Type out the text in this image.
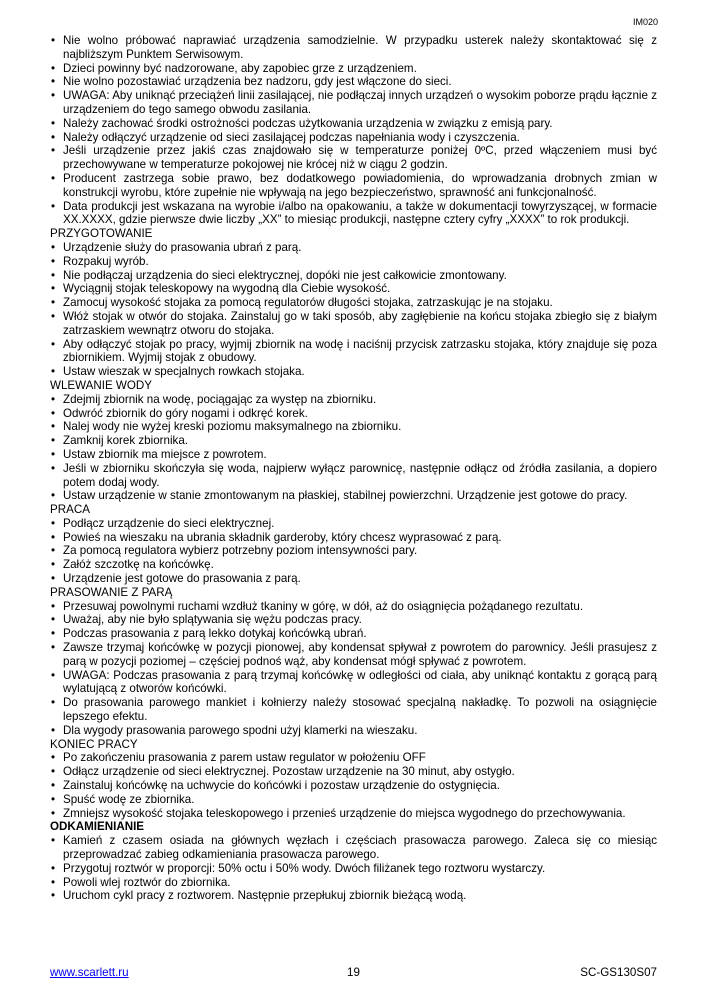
IM020
• Nie wolno próbować naprawiać urządzenia samodzielnie. W przypadku usterek należy skontaktować się z najbliższym Punktem Serwisowym.
• Dzieci powinny być nadzorowane, aby zapobiec grze z urządzeniem.
• Nie wolno pozostawiać urządzenia bez nadzoru, gdy jest włączone do sieci.
• UWAGA: Aby uniknąć przeciążeń linii zasilającej, nie podłączaj innych urządzeń o wysokim poborze prądu łącznie z urządzeniem do tego samego obwodu zasilania.
• Należy zachować środki ostrożności podczas użytkowania urządzenia w związku z emisją pary.
• Należy odłączyć urządzenie od sieci zasilającej podczas napełniania wody i czyszczenia.
• Jeśli urządzenie przez jakiś czas znajdowało się w temperaturze poniżej 0ºC, przed włączeniem musi być przechowywane w temperaturze pokojowej nie krócej niż w ciągu 2 godzin.
• Producent zastrzega sobie prawo, bez dodatkowego powiadomienia, do wprowadzania drobnych zmian w konstrukcji wyrobu, które zupełnie nie wpływają na jego bezpieczeństwo, sprawność ani funkcjonalność.
• Data produkcji jest wskazana na wyrobie i/albo na opakowaniu, a także w dokumentacji towyrzyszącej, w formacie XX.XXXX, gdzie pierwsze dwie liczby „XX” to miesiąc produkcji, następne cztery cyfry „XXXX” to rok produkcji.
PRZYGOTOWANIE
• Urządzenie służy do prasowania ubrań z parą.
• Rozpakuj wyrób.
• Nie podłączaj urządzenia do sieci elektrycznej, dopóki nie jest całkowicie zmontowany.
• Wyciągnij stojak teleskopowy na wygodną dla Ciebie wysokość.
• Zamocuj wysokość stojaka za pomocą regulatorów długości stojaka, zatrzaskując je na stojaku.
• Włóż stojak w otwór do stojaka. Zainstaluj go w taki sposób, aby zagłębienie na końcu stojaka zbiegło się z białym zatrzaskiem wewnątrz otworu do stojaka.
• Aby odłączyć stojak po pracy, wyjmij zbiornik na wodę i naciśnij przycisk zatrzasku stojaka, który znajduje się poza zbiornikiem. Wyjmij stojak z obudowy.
• Ustaw wieszak w specjalnych rowkach stojaka.
WLEWANIE WODY
• Zdejmij zbiornik na wodę, pociągając za występ na zbiorniku.
• Odwróć zbiornik do góry nogami i odkręć korek.
• Nalej wody nie wyżej kreski poziomu maksymalnego na zbiorniku.
• Zamknij korek zbiornika.
• Ustaw zbiornik ma miejsce z powrotem.
• Jeśli w zbiorniku skończyła się woda, najpierw wyłącz parownicę, następnie odłącz od źródła zasilania, a dopiero potem dodaj wody.
• Ustaw urządzenie w stanie zmontowanym na płaskiej, stabilnej powierzchni. Urządzenie jest gotowe do pracy.
PRACA
• Podłącz urządzenie do sieci elektrycznej.
• Powieś na wieszaku na ubrania składnik garderoby, który chcesz wyprasować z parą.
• Za pomocą regulatora wybierz potrzebny poziom intensywności pary.
• Załóż szczotkę na końcówkę.
• Urządzenie jest gotowe do prasowania z parą.
PRASOWANIE Z PARĄ
• Przesuwaj powolnymi ruchami wzdłuż tkaniny w górę, w dół, aż do osiągnięcia pożądanego rezultatu.
• Uważaj, aby nie było splątywania się wężu podczas pracy.
• Podczas prasowania z parą lekko dotykaj końcówką ubrań.
• Zawsze trzymaj końcówkę w pozycji pionowej, aby kondensat spływał z powrotem do parownicy. Jeśli prasujesz z parą w pozycji poziomej – częściej podnoś wąż, aby kondensat mógł spływać z powrotem.
• UWAGA: Podczas prasowania z parą trzymaj końcówkę w odległości od ciała, aby uniknąć kontaktu z gorącą parą wylatującą z otworów końcówki.
• Do prasowania parowego mankiet i kołnierzy należy stosować specjalną nakładkę. To pozwoli na osiągnięcie lepszego efektu.
• Dla wygody prasowania parowego spodni użyj klamerki na wieszaku.
KONIEC PRACY
• Po zakończeniu prasowania z parem ustaw regulator w położeniu OFF
• Odłącz urządzenie od sieci elektrycznej. Pozostaw urządzenie na 30 minut, aby ostygło.
• Zainstaluj końcówkę na uchwycie do końcówki i pozostaw urządzenie do ostygnięcia.
• Spuść wodę ze zbiornika.
• Zmniejsz wysokość stojaka teleskopowego i przenieś urządzenie do miejsca wygodnego do przechowywania.
ODKAMIENIANIE
• Kamień z czasem osiada na głównych węzłach i częściach prasowacza parowego. Zaleca się co miesiąc przeprowadzać zabieg odkamieniania prasowacza parowego.
• Przygotuj roztwór w proporcji: 50% octu i 50% wody. Dwóch filiżanek tego roztworu wystarczy.
• Powoli wlej roztwór do zbiornika.
• Uruchom cykl pracy z roztworem. Następnie przepłukuj zbiornik bieżącą wodą.
www.scarlett.ru	19	SC-GS130S07
